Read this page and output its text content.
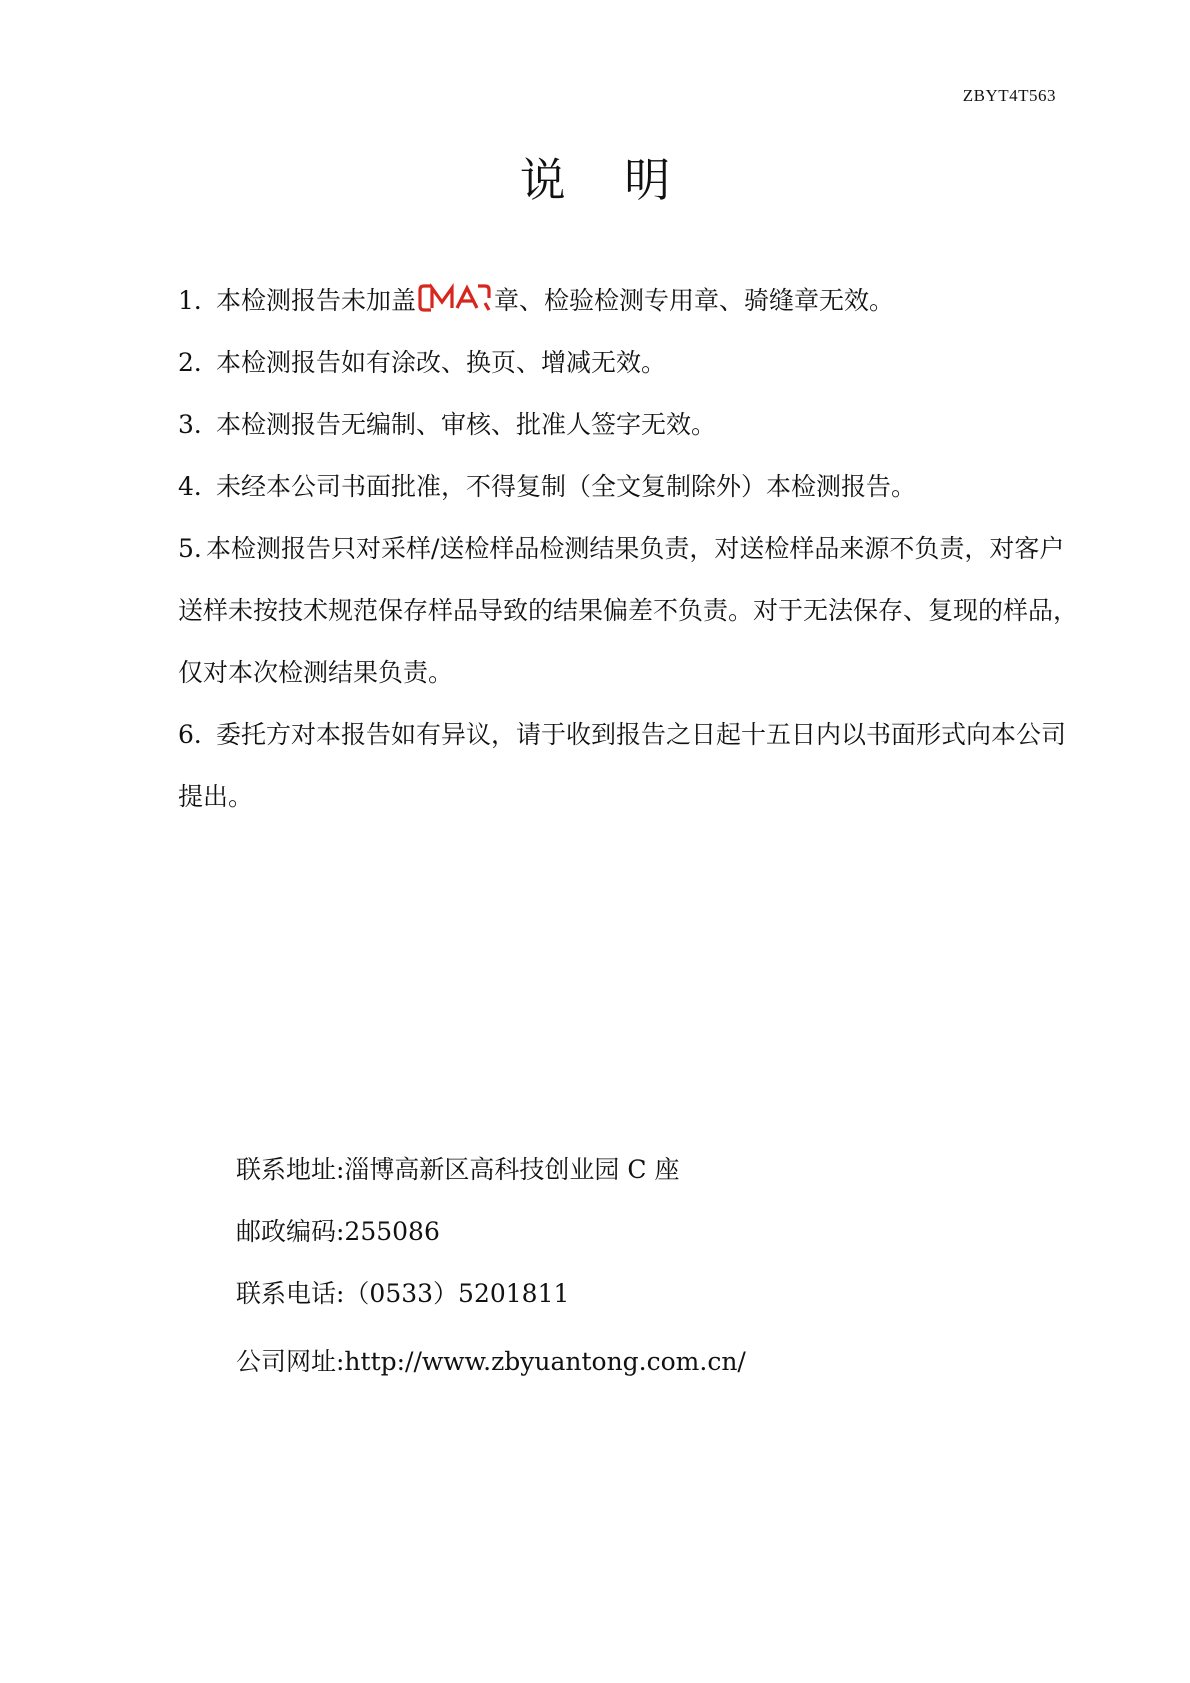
ZBYT4T563
说 明

1．本检测报告未加盖
CMA
章、检验检测专用章、骑缝章无效。

2．本检测报告如有涂改、换页、增减无效。

3．本检测报告无编制、审核、批准人签字无效。

4．未经本公司书面批准，不得复制（全文复制除外）本检测报告。

5. 本检测报告只对采样/送检样品检测结果负责，对送检样品来源不负责，对客户送样未按技术规范保存样品导致的结果偏差不负责。对于无法保存、复现的样品，仅对本次检测结果负责。

6．委托方对本报告如有异议，请于收到报告之日起十五日内以书面形式向本公司提出。

联系地址:淄博高新区高科技创业园 C 座

邮政编码:255086

联系电话:（0533）5201811

公司网址:http://www.zbyuantong.com.cn/
